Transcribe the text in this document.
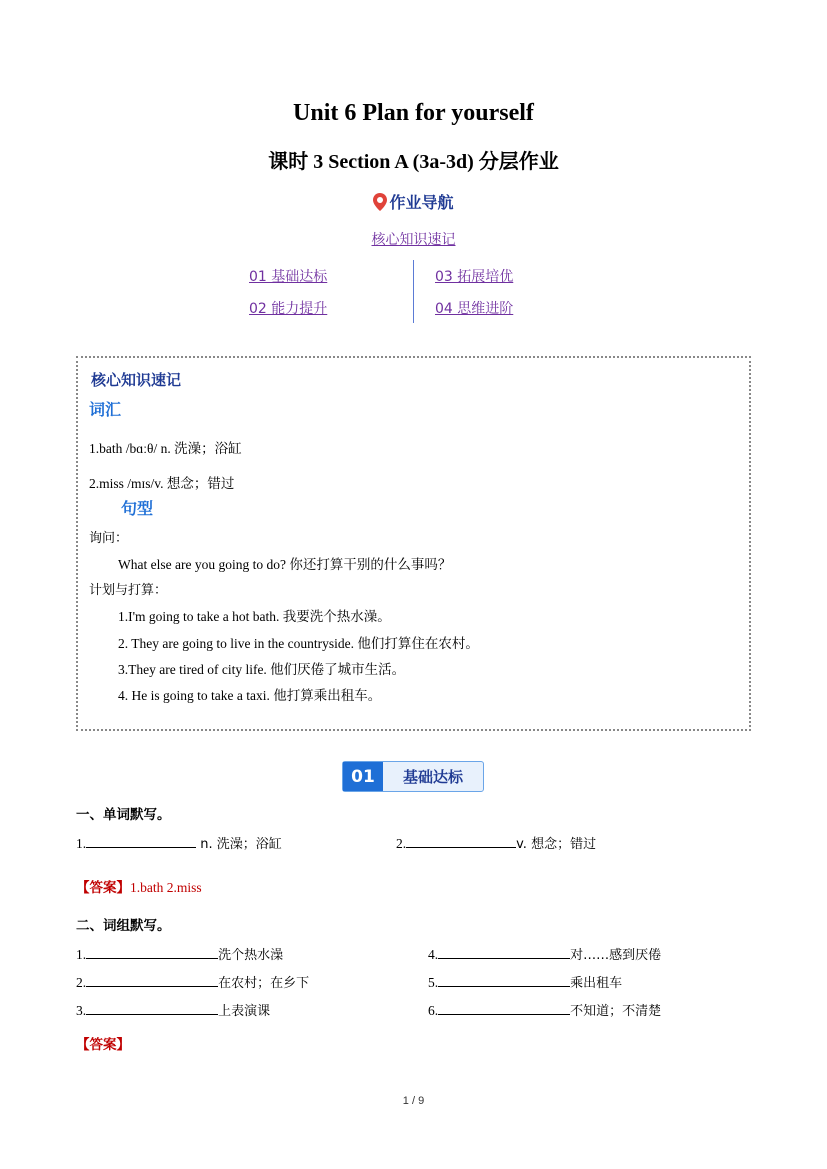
Unit 6 Plan for yourself
课时 3 Section A (3a-3d) 分层作业
作业导航
核心知识速记
01 基础达标
02 能力提升
03 拓展培优
04 思维进阶
核心知识速记
词汇
1.bath /bɑːθ/ n. 洗澡；浴缸
2.miss /mɪs/v. 想念；错过
句型
询问：
What else are you going to do? 你还打算干别的什么事吗？
计划与打算：
1.I'm going to take a hot bath. 我要洗个热水澡。
2. They are going to live in the countryside. 他们打算住在农村。
3.They are tired of city life. 他们厌倦了城市生活。
4. He is going to take a taxi. 他打算乘出租车。
01	基础达标
一、单词默写。
1.	n. 洗澡；浴缸	2.	v. 想念；错过
【答案】1.bath 2.miss
二、词组默写。
1.	洗个热水澡
2.	在农村；在乡下
3.	上表演课
4.	对……感到厌倦
5.	乘出租车
6.	不知道；不清楚
【答案】
1 / 9
